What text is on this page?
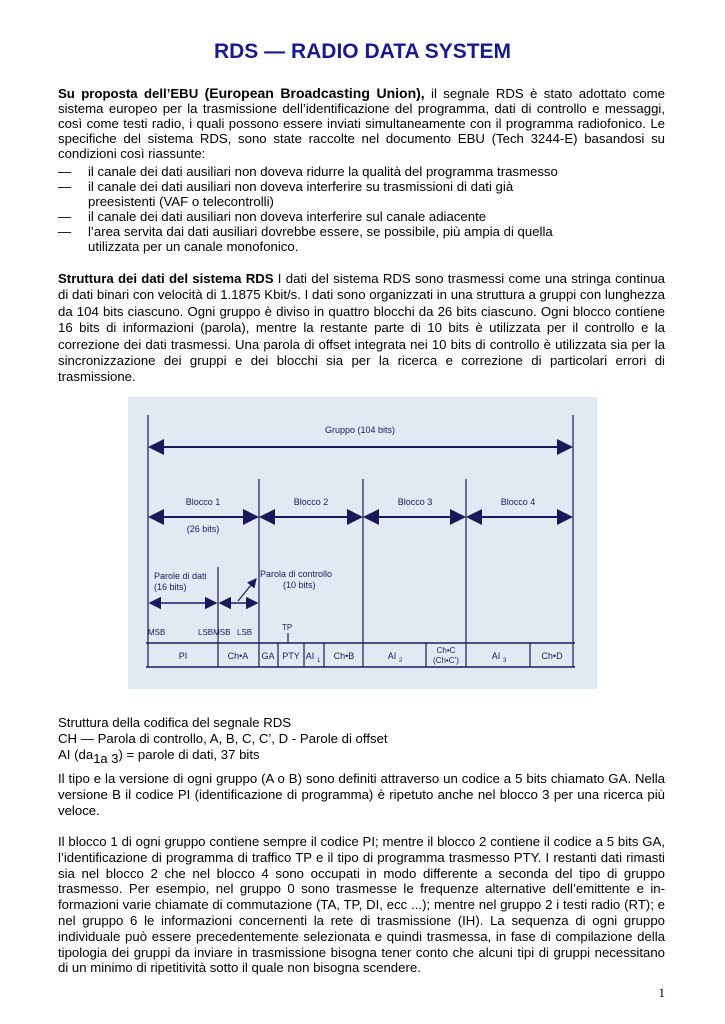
RDS — RADIO DATA SYSTEM
Su proposta dell’EBU (European Broadcasting Union), il segnale RDS è stato adottato come sistema europeo per la trasmissione dell’identificazione del programma, dati di controllo e messaggi, così come testi radio, i quali possono essere inviati simultaneamente con il programma radiofonico. Le specifiche del sistema RDS, sono state raccolte nel documento EBU (Tech 3244-E) basandosi su condizioni così riassunte:
—	il canale dei dati ausiliari non doveva ridurre la qualità del programma trasmesso
—	il canale dei dati ausiliari non doveva interferire su trasmissioni di dati già
preesistenti (VAF o telecontrolli)
—	il canale dei dati ausiliari non doveva interferire sul canale adiacente
—	l’area servita dai dati ausiliari dovrebbe essere, se possibile, più ampia di quella
utilizzata per un canale monofonico.
Struttura dei dati del sistema RDS I dati del sistema RDS sono trasmessi come una stringa continua di dati binari con velocità di 1.1875 Kbit/s. I dati sono organizzati in una struttura a gruppi con lunghezza da 104 bits ciascuno. Ogni gruppo è diviso in quattro blocchi da 26 bits ciascuno. Ogni blocco contiene 16 bits di informazioni (parola), mentre la restante parte di 10 bits è utilizzata per il controllo e la correzione dei dati trasmessi. Una parola di offset integrata nei 10 bits di controllo è utilizzata sia per la sincronizzazione dei gruppi e dei blocchi sia per la ricerca e correzione di particolari errori di trasmissione.
Gruppo (104 bits)
Blocco 1	Blocco 2	Blocco 3	Blocco 4
(26 bits)
Parole di dati
(16 bits)
Parola di controllo
(10 bits)
MSB	LSBMSB LSB
TP
PI	Ch•A GA PTY AI 1 Ch•B	AI 2
Ch•C
(Ch•C’)	AI 3	Ch•D
Struttura della codifica del segnale RDS
CH — Parola di controllo, A, B, C, C’, D - Parole di offset
AI $(da_{1a 3})$ = parole di dati, 37 bits
Il tipo e la versione di ogni gruppo (A o B) sono definiti attraverso un codice a 5 bits chiamato GA. Nella versione B il codice PI (identificazione di programma) è ripetuto anche nel blocco 3 per una ricerca più veloce.
Il blocco 1 di ogni gruppo contiene sempre il codice PI; mentre il blocco 2 contiene il codice a 5 bits GA, l’identificazione di programma di traffico TP e il tipo di programma trasmesso PTY. I restanti dati rimasti sia nel blocco 2 che nel blocco 4 sono occupati in modo differente a seconda del tipo di gruppo trasmesso. Per esempio, nel gruppo 0 sono trasmesse le frequenze alternative dell’emittente e in-formazioni varie chiamate di commutazione (TA, TP, DI, ecc ...); mentre nel gruppo 2 i testi radio (RT); e nel gruppo 6 le informazioni concernenti la rete di trasmissione (IH). La sequenza di ogni gruppo individuale può essere precedentemente selezionata e quindi trasmessa, in fase di compilazione della tipologia dei gruppi da inviare in trasmissione bisogna tener conto che alcuni tipi di gruppi necessitano di un minimo di ripetitività sotto il quale non bisogna scendere.
1
